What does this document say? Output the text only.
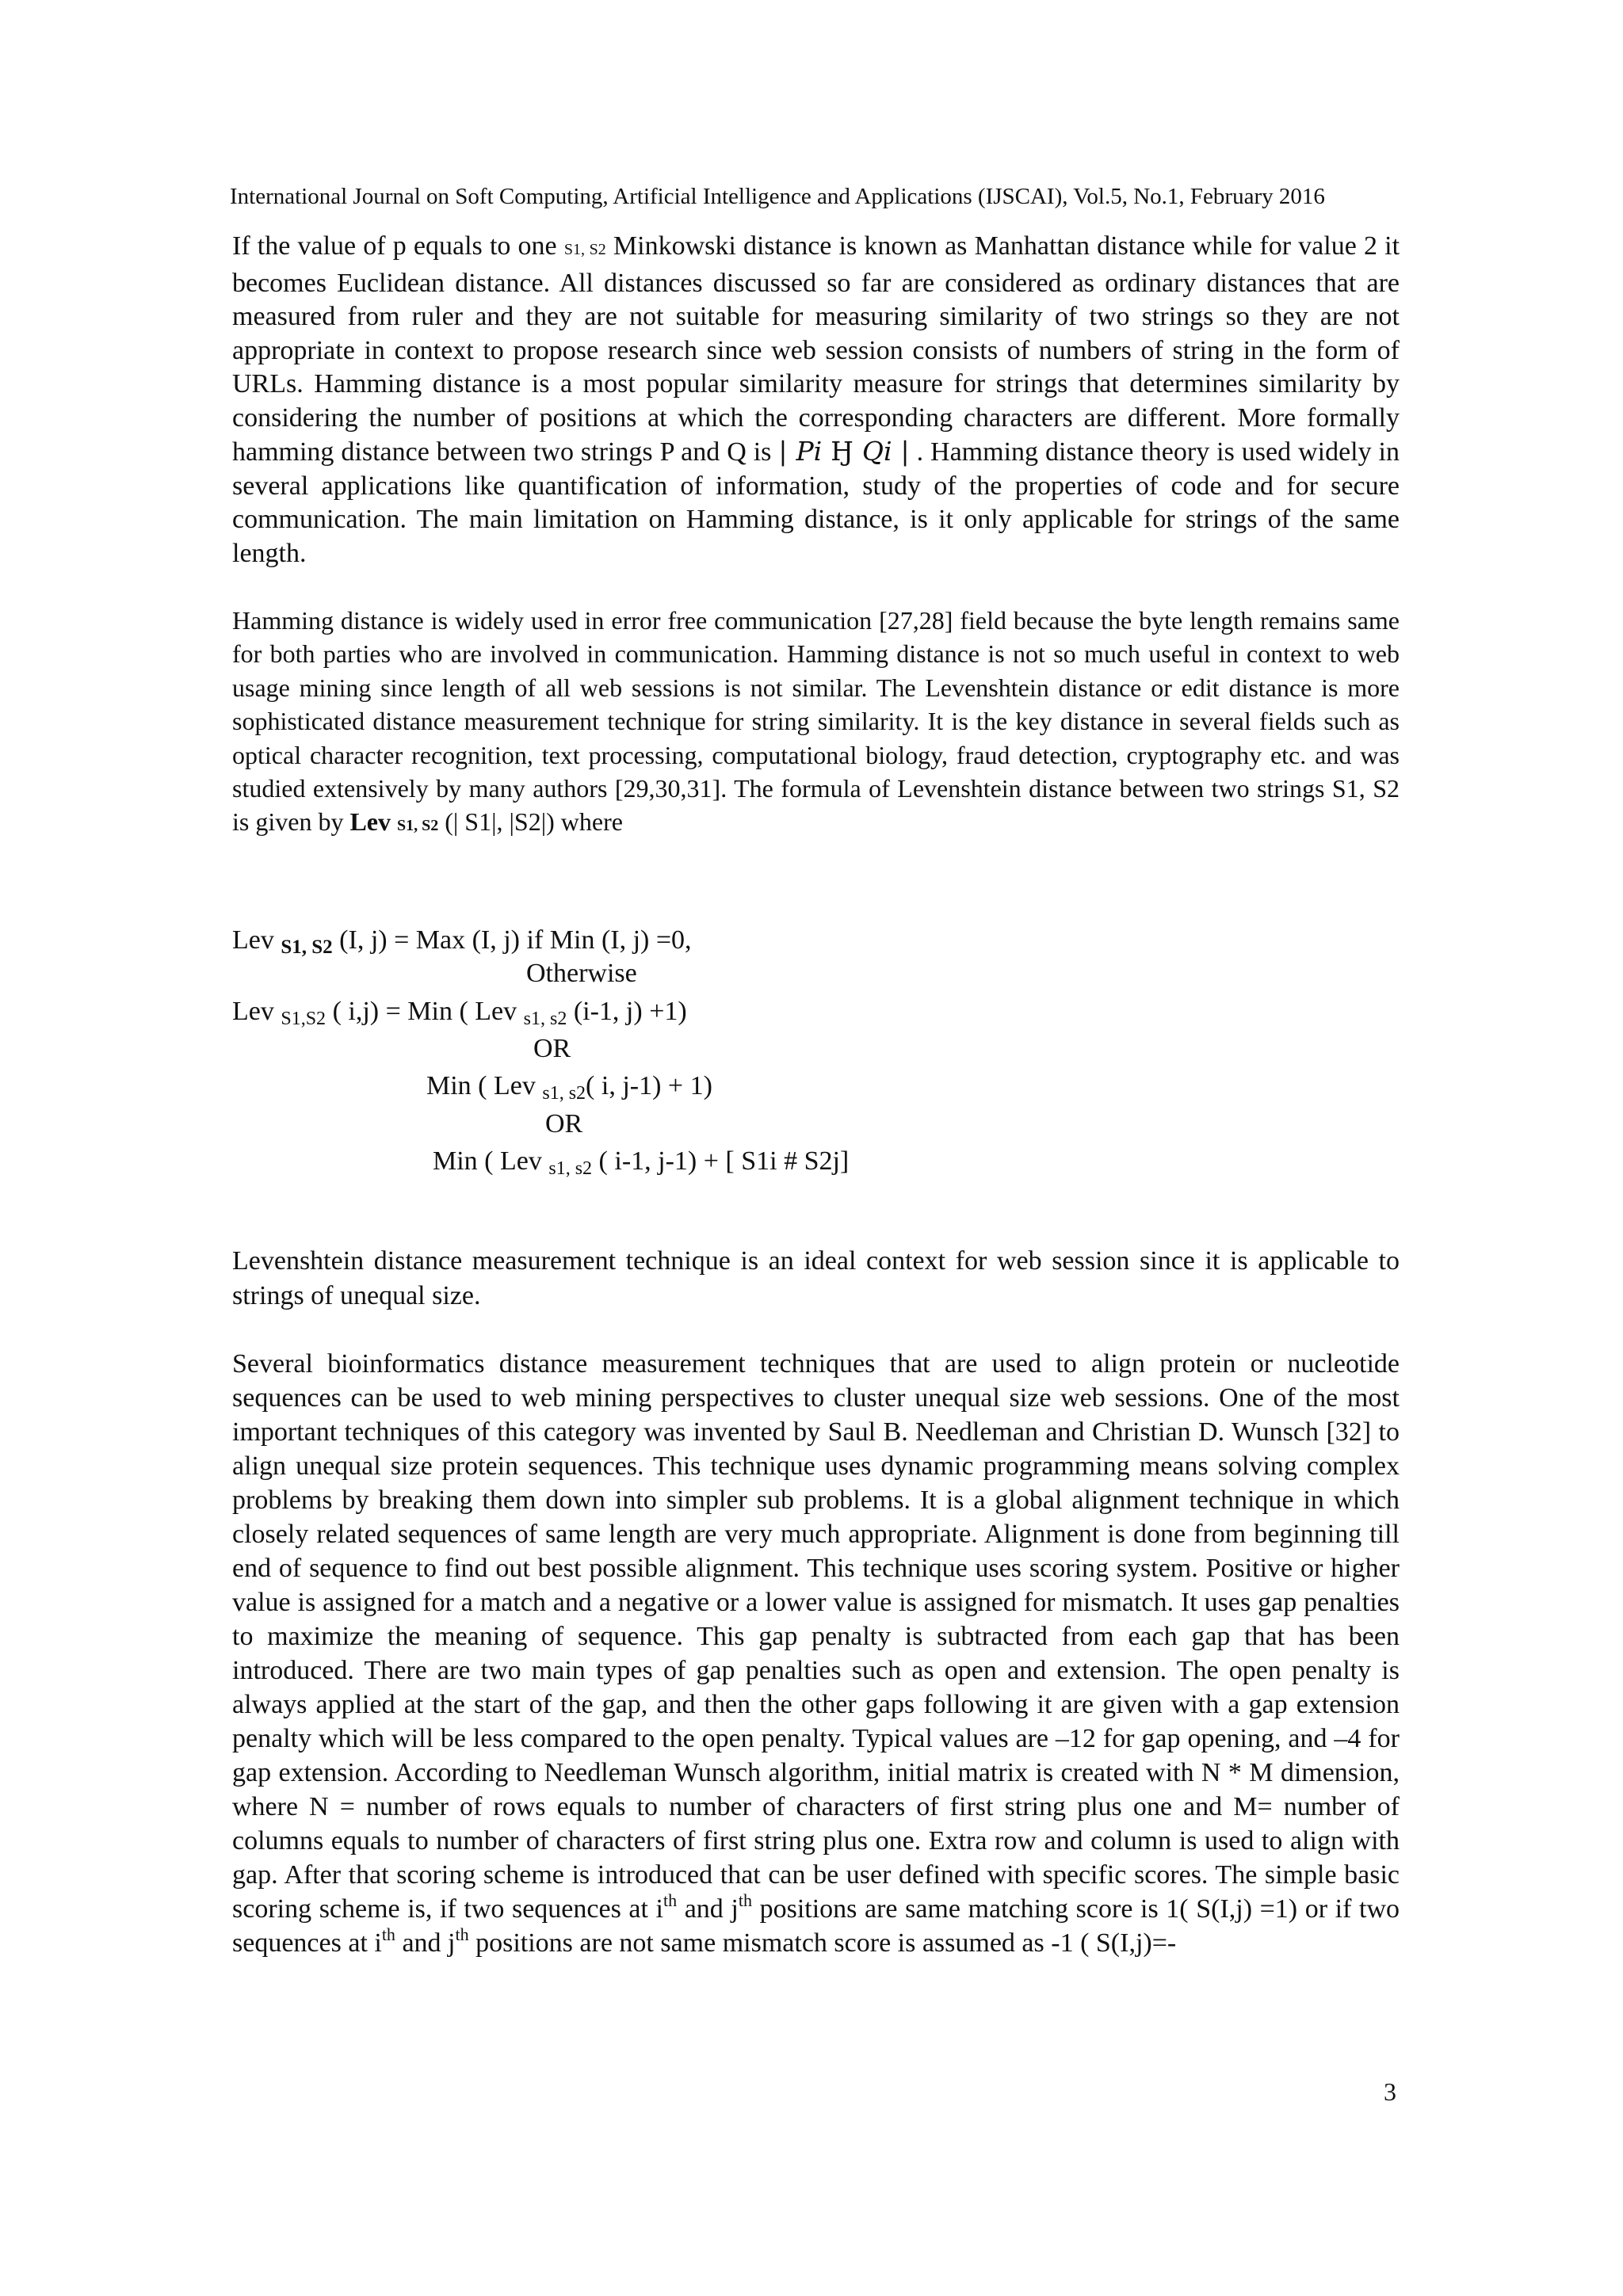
International Journal on Soft Computing, Artificial Intelligence and Applications (IJSCAI), Vol.5, No.1, February 2016
If the value of p equals to one S1, S2 Minkowski distance is known as Manhattan distance while for value 2 it becomes Euclidean distance. All distances discussed so far are considered as ordinary distances that are measured from ruler and they are not suitable for measuring similarity of two strings so they are not appropriate in context to propose research since web session consists of numbers of string in the form of URLs. Hamming distance is a most popular similarity measure for strings that determines similarity by considering the number of positions at which the corresponding characters are different. More formally hamming distance between two strings P and Q is | Pi Ӈ Qi | . Hamming distance theory is used widely in several applications like quantification of information, study of the properties of code and for secure communication. The main limitation on Hamming distance, is it only applicable for strings of the same length.
Hamming distance is widely used in error free communication [27,28] field because the byte length remains same for both parties who are involved in communication. Hamming distance is not so much useful in context to web usage mining since length of all web sessions is not similar. The Levenshtein distance or edit distance is more sophisticated distance measurement technique for string similarity. It is the key distance in several fields such as optical character recognition, text processing, computational biology, fraud detection, cryptography etc. and was studied extensively by many authors [29,30,31]. The formula of Levenshtein distance between two strings S1, S2 is given by Lev S1, S2 (| S1|, |S2|) where
Lev $_{S1, S2}$ (I, j) = Max (I, j) if Min (I, j) =0,
Otherwise
Lev $_{S1,S2}$ ( i,j) = Min ( Lev $_{s1, s2}$ (i-1, j) +1)
OR
Min ( Lev $_{s1, s2}$( i, j-1) + 1)
OR
Min ( Lev $_{s1, s2}$ ( i-1, j-1) + [ S1i # S2j]
Levenshtein distance measurement technique is an ideal context for web session since it is applicable to strings of unequal size.
Several bioinformatics distance measurement techniques that are used to align protein or nucleotide sequences can be used to web mining perspectives to cluster unequal size web sessions. One of the most important techniques of this category was invented by Saul B. Needleman and Christian D. Wunsch [32] to align unequal size protein sequences. This technique uses dynamic programming means solving complex problems by breaking them down into simpler sub problems. It is a global alignment technique in which closely related sequences of same length are very much appropriate. Alignment is done from beginning till end of sequence to find out best possible alignment. This technique uses scoring system. Positive or higher value is assigned for a match and a negative or a lower value is assigned for mismatch. It uses gap penalties to maximize the meaning of sequence. This gap penalty is subtracted from each gap that has been introduced. There are two main types of gap penalties such as open and extension. The open penalty is always applied at the start of the gap, and then the other gaps following it are given with a gap extension penalty which will be less compared to the open penalty. Typical values are –12 for gap opening, and –4 for gap extension. According to Needleman Wunsch algorithm, initial matrix is created with N * M dimension, where N = number of rows equals to number of characters of first string plus one and M= number of columns equals to number of characters of first string plus one. Extra row and column is used to align with gap. After that scoring scheme is introduced that can be user defined with specific scores. The simple basic scoring scheme is, if two sequences at $i^{th}$ and $j^{th}$ positions are same matching score is 1( S(I,j) =1) or if two sequences at $i^{th}$ and $j^{th}$ positions are not same mismatch score is assumed as -1 ( S(I,j)=-
3
